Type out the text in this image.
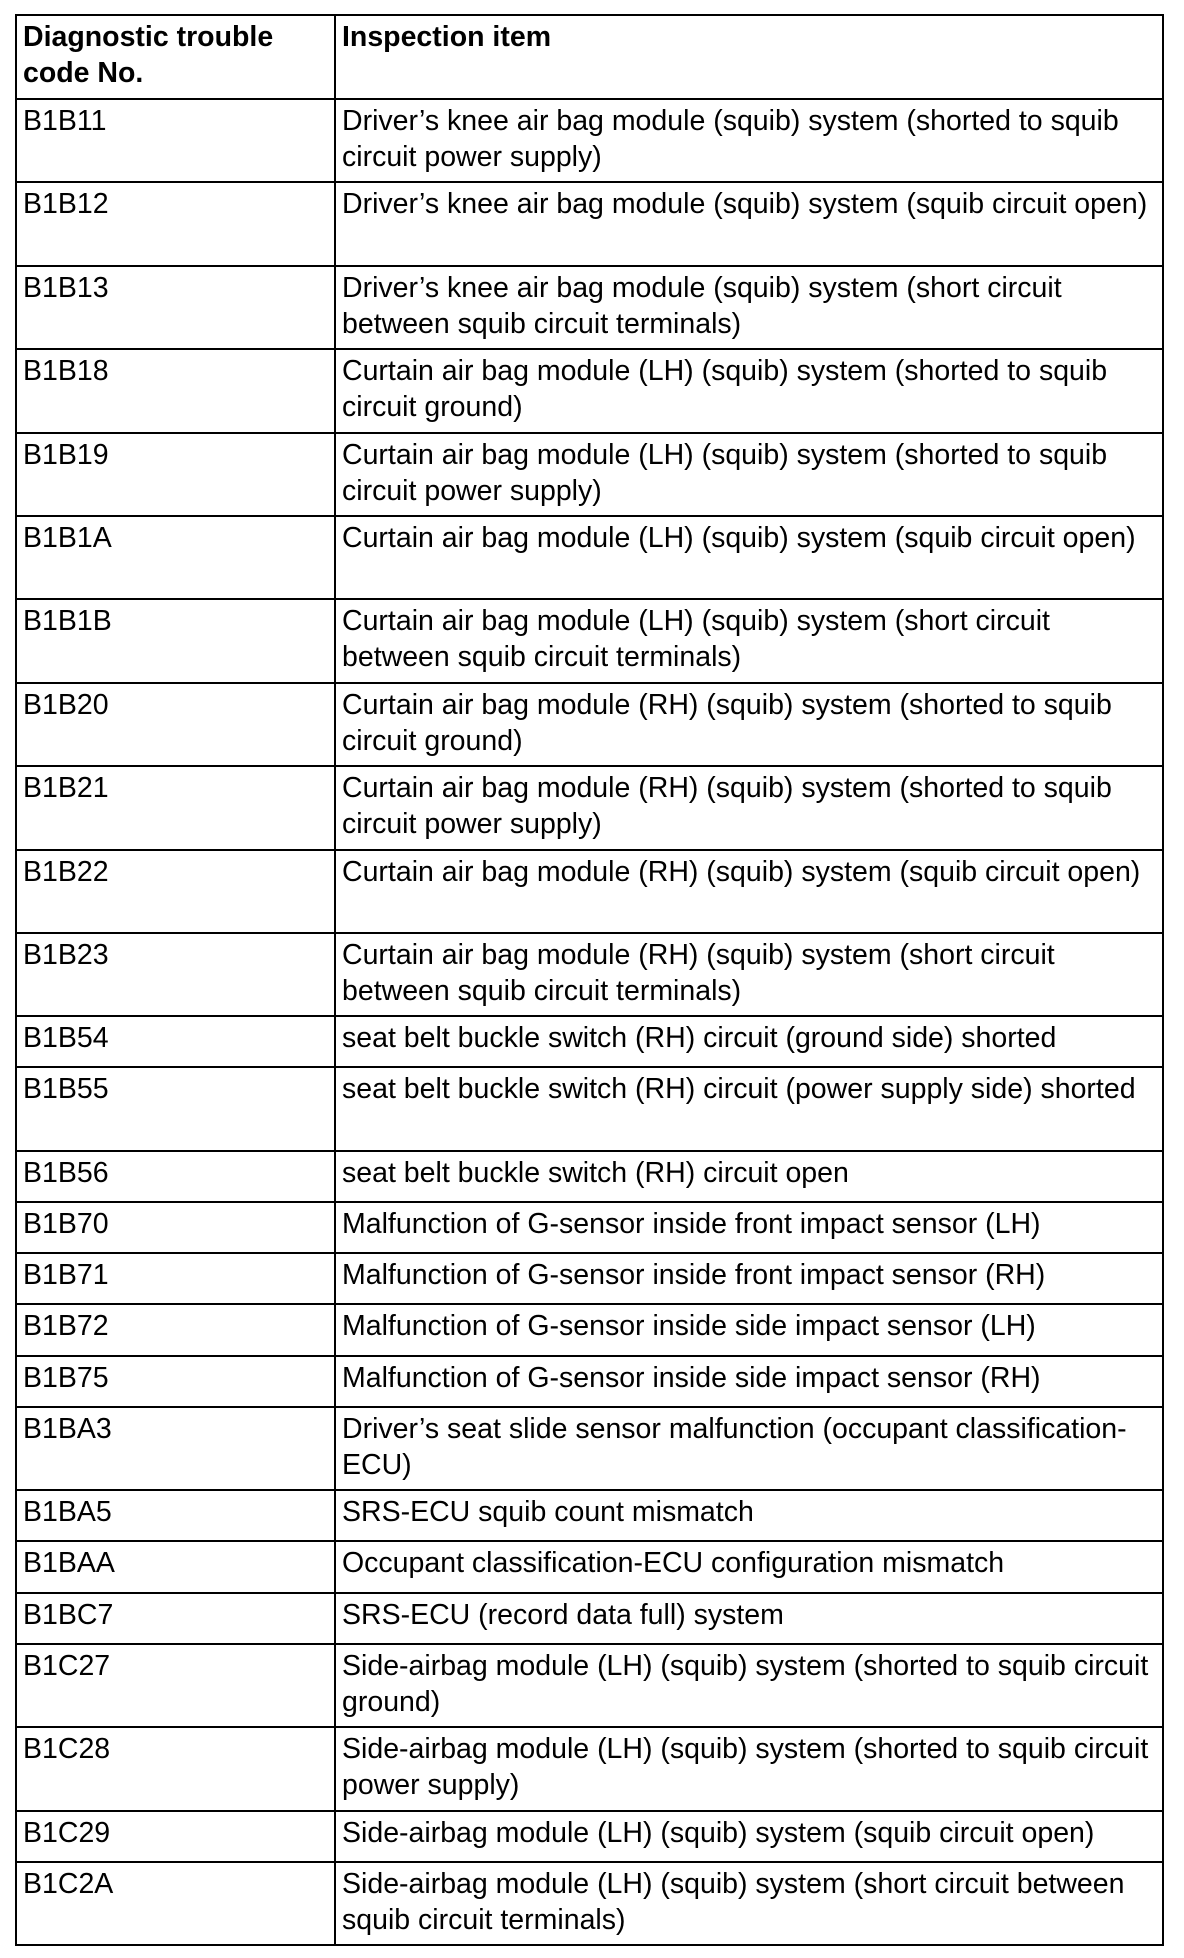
Diagnostic trouble code No.	Inspection item
B1B11	Driver’s knee air bag module (squib) system (shorted to squib circuit power supply)
B1B12	Driver’s knee air bag module (squib) system (squib circuit open)
B1B13	Driver’s knee air bag module (squib) system (short circuit between squib circuit terminals)
B1B18	Curtain air bag module (LH) (squib) system (shorted to squib circuit ground)
B1B19	Curtain air bag module (LH) (squib) system (shorted to squib circuit power supply)
B1B1A	Curtain air bag module (LH) (squib) system (squib circuit open)
B1B1B	Curtain air bag module (LH) (squib) system (short circuit between squib circuit terminals)
B1B20	Curtain air bag module (RH) (squib) system (shorted to squib circuit ground)
B1B21	Curtain air bag module (RH) (squib) system (shorted to squib circuit power supply)
B1B22	Curtain air bag module (RH) (squib) system (squib circuit open)
B1B23	Curtain air bag module (RH) (squib) system (short circuit between squib circuit terminals)
B1B54	seat belt buckle switch (RH) circuit (ground side) shorted
B1B55	seat belt buckle switch (RH) circuit (power supply side) shorted
B1B56	seat belt buckle switch (RH) circuit open
B1B70	Malfunction of G-sensor inside front impact sensor (LH)
B1B71	Malfunction of G-sensor inside front impact sensor (RH)
B1B72	Malfunction of G-sensor inside side impact sensor (LH)
B1B75	Malfunction of G-sensor inside side impact sensor (RH)
B1BA3	Driver’s seat slide sensor malfunction (occupant classification-ECU)
B1BA5	SRS-ECU squib count mismatch
B1BAA	Occupant classification-ECU configuration mismatch
B1BC7	SRS-ECU (record data full) system
B1C27	Side-airbag module (LH) (squib) system (shorted to squib circuit ground)
B1C28	Side-airbag module (LH) (squib) system (shorted to squib circuit power supply)
B1C29	Side-airbag module (LH) (squib) system (squib circuit open)
B1C2A	Side-airbag module (LH) (squib) system (short circuit between squib circuit terminals)
